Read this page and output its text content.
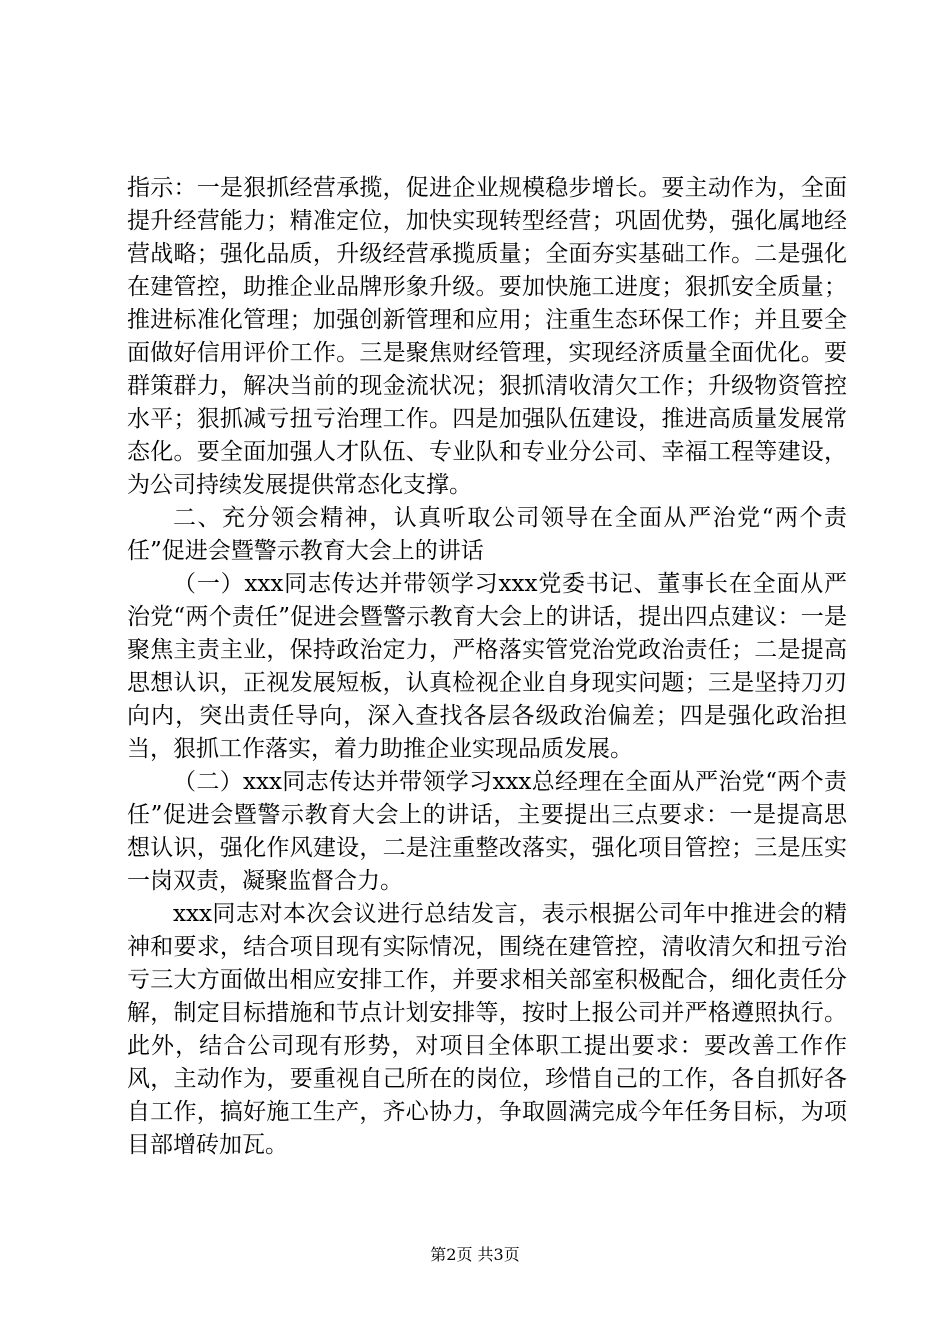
指示：一是狠抓经营承揽，促进企业规模稳步增长。要主动作为，全面提升经营能力；精准定位，加快实现转型经营；巩固优势，强化属地经营战略；强化品质，升级经营承揽质量；全面夯实基础工作。二是强化在建管控，助推企业品牌形象升级。要加快施工进度；狠抓安全质量；推进标准化管理；加强创新管理和应用；注重生态环保工作；并且要全面做好信用评价工作。三是聚焦财经管理，实现经济质量全面优化。要群策群力，解决当前的现金流状况；狠抓清收清欠工作；升级物资管控水平；狠抓减亏扭亏治理工作。四是加强队伍建设，推进高质量发展常态化。要全面加强人才队伍、专业队和专业分公司、幸福工程等建设，为公司持续发展提供常态化支撑。

二、充分领会精神，认真听取公司领导在全面从严治党“两个责任”促进会暨警示教育大会上的讲话

（一）xxx同志传达并带领学习xxx党委书记、董事长在全面从严治党“两个责任”促进会暨警示教育大会上的讲话，提出四点建议：一是聚焦主责主业，保持政治定力，严格落实管党治党政治责任；二是提高思想认识，正视发展短板，认真检视企业自身现实问题；三是坚持刀刃向内，突出责任导向，深入查找各层各级政治偏差；四是强化政治担当，狠抓工作落实，着力助推企业实现品质发展。

（二）xxx同志传达并带领学习xxx总经理在全面从严治党“两个责任”促进会暨警示教育大会上的讲话，主要提出三点要求：一是提高思想认识，强化作风建设，二是注重整改落实，强化项目管控；三是压实一岗双责，凝聚监督合力。

xxx同志对本次会议进行总结发言，表示根据公司年中推进会的精神和要求，结合项目现有实际情况，围绕在建管控，清收清欠和扭亏治亏三大方面做出相应安排工作，并要求相关部室积极配合，细化责任分解，制定目标措施和节点计划安排等，按时上报公司并严格遵照执行。此外，结合公司现有形势，对项目全体职工提出要求：要改善工作作风，主动作为，要重视自己所在的岗位，珍惜自己的工作，各自抓好各自工作，搞好施工生产，齐心协力，争取圆满完成今年任务目标，为项目部增砖加瓦。

第2页 共3页
